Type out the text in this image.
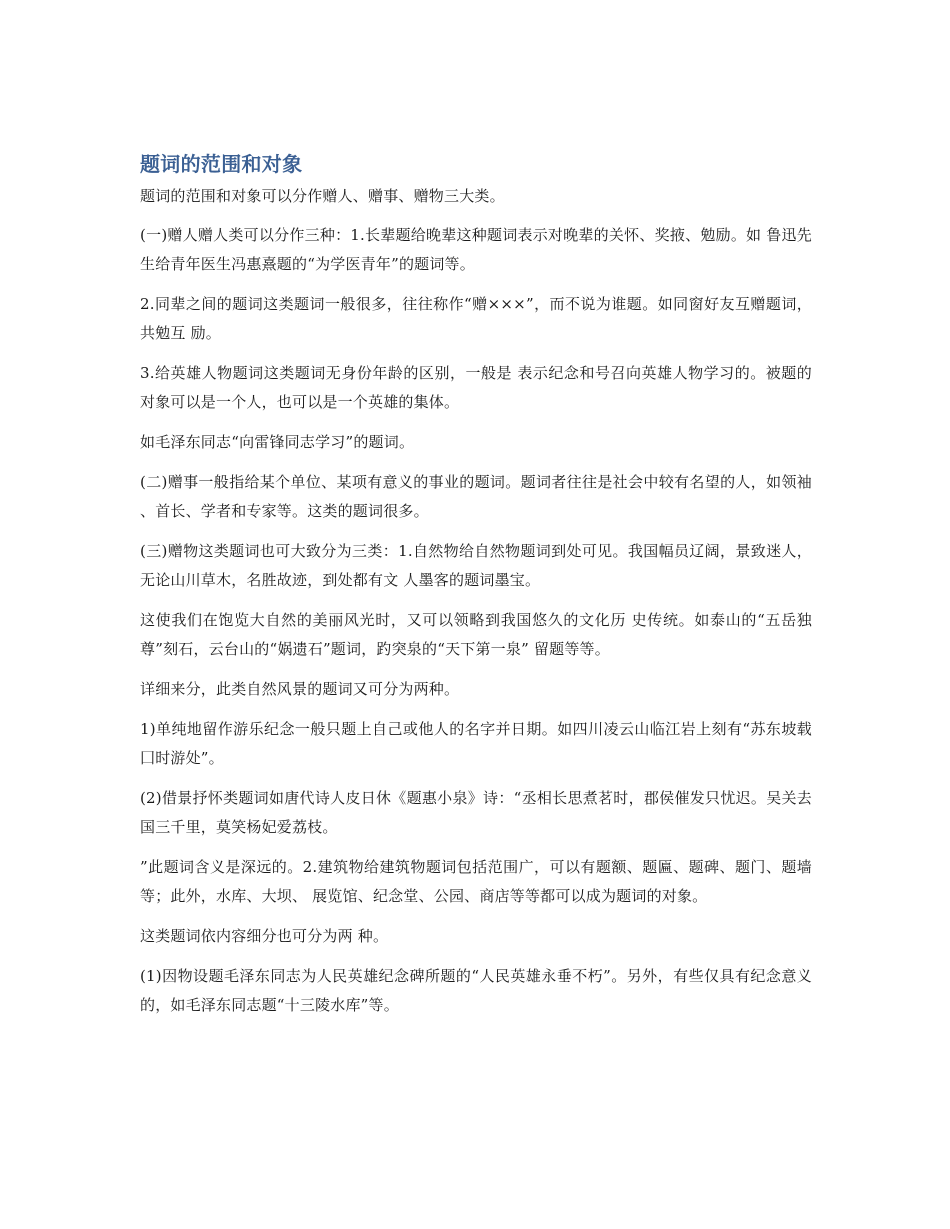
题词的范围和对象

题词的范围和对象可以分作赠人、赠事、赠物三大类。

(一)赠人赠人类可以分作三种：1.长辈题给晚辈这种题词表示对晚辈的关怀、奖掖、勉励。如 鲁迅先生给青年医生冯惠熹题的“为学医青年”的题词等。

2.同辈之间的题词这类题词一般很多，往往称作“赠×××”，而不说为谁题。如同窗好友互赠题词，共勉互 励。

3.给英雄人物题词这类题词无身份年龄的区别，一般是 表示纪念和号召向英雄人物学习的。被题的对象可以是一个人，也可以是一个英雄的集体。

如毛泽东同志“向雷锋同志学习”的题词。

(二)赠事一般指给某个单位、某项有意义的事业的题词。题词者往往是社会中较有名望的人，如领袖 、首长、学者和专家等。这类的题词很多。

(三)赠物这类题词也可大致分为三类：1.自然物给自然物题词到处可见。我国幅员辽阔，景致迷人，无论山川草木，名胜故迹，到处都有文 人墨客的题词墨宝。

这使我们在饱览大自然的美丽风光时，又可以领略到我国悠久的文化历 史传统。如泰山的“五岳独尊”刻石，云台山的“娲遗石”题词，趵突泉的“天下第一泉” 留题等等。

详细来分，此类自然风景的题词又可分为两种。

1)单纯地留作游乐纪念一般只题上自己或他人的名字并日期。如四川凌云山临江岩上刻有“苏东坡载囗时游处”。

(2)借景抒怀类题词如唐代诗人皮日休《题惠小泉》诗：“丞相长思煮茗时，郡侯催发只忧迟。吴关去国三千里，莫笑杨妃爱荔枝。

”此题词含义是深远的。2.建筑物给建筑物题词包括范围广，可以有题额、题匾、题碑、题门、题墙等；此外，水库、大坝、 展览馆、纪念堂、公园、商店等等都可以成为题词的对象。

这类题词依内容细分也可分为两 种。

(1)因物设题毛泽东同志为人民英雄纪念碑所题的“人民英雄永垂不朽”。另外，有些仅具有纪念意义的，如毛泽东同志题“十三陵水库”等。
